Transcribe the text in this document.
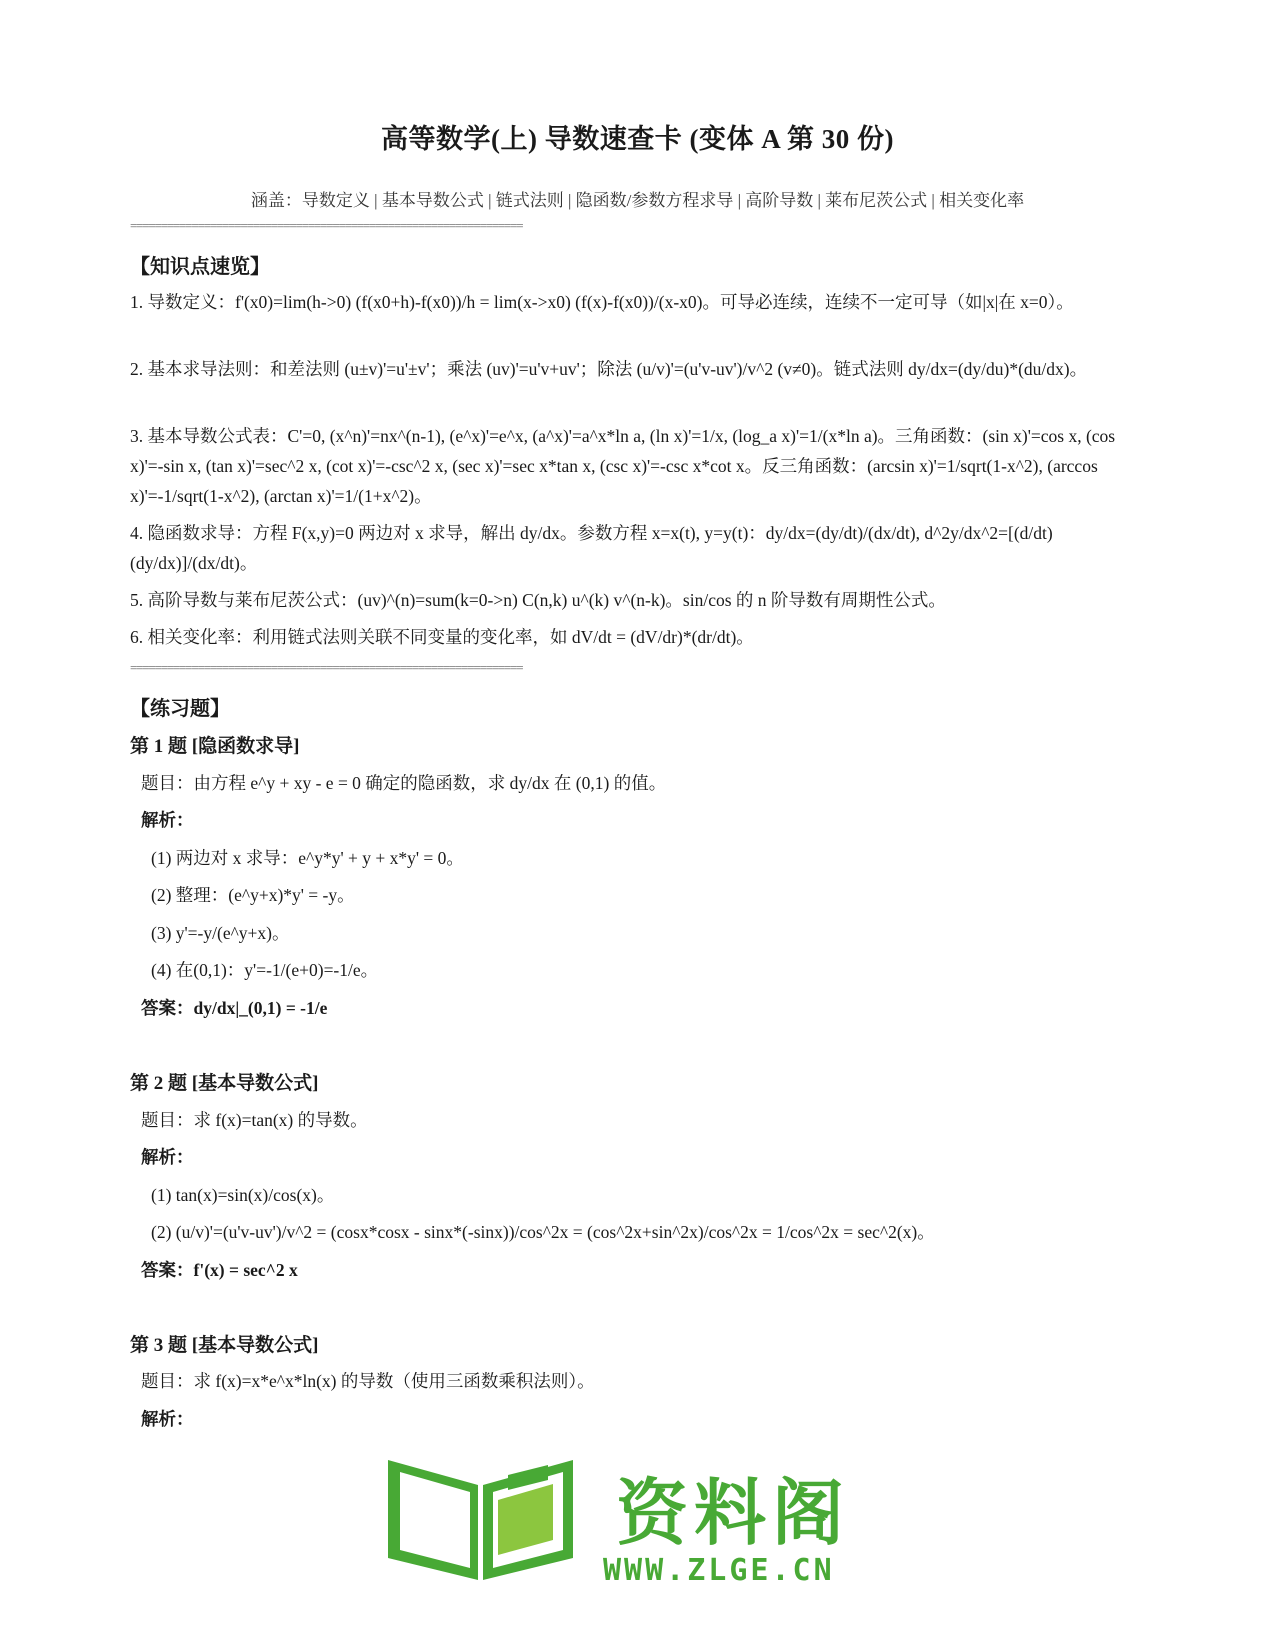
高等数学(上) 导数速查卡 (变体 A 第 30 份)
涵盖：导数定义 | 基本导数公式 | 链式法则 | 隐函数/参数方程求导 | 高阶导数 | 莱布尼茨公式 | 相关变化率
================================================================
【知识点速览】
1. 导数定义：f'(x0)=lim(h->0) (f(x0+h)-f(x0))/h = lim(x->x0) (f(x)-f(x0))/(x-x0)。可导必连续，连续不一定可导（如|x|在 x=0）。
2. 基本求导法则：和差法则 (u±v)'=u'±v'；乘法 (uv)'=u'v+uv'；除法 (u/v)'=(u'v-uv')/v^2 (v≠0)。链式法则 dy/dx=(dy/du)*(du/dx)。
3. 基本导数公式表：C'=0, (x^n)'=nx^(n-1), (e^x)'=e^x, (a^x)'=a^x*ln a, (ln x)'=1/x, (log_a x)'=1/(x*ln a)。三角函数：(sin x)'=cos x, (cos x)'=-sin x, (tan x)'=sec^2 x, (cot x)'=-csc^2 x, (sec x)'=sec x*tan x, (csc x)'=-csc x*cot x。反三角函数：(arcsin x)'=1/sqrt(1-x^2), (arccos x)'=-1/sqrt(1-x^2), (arctan x)'=1/(1+x^2)。
4. 隐函数求导：方程 F(x,y)=0 两边对 x 求导，解出 dy/dx。参数方程 x=x(t), y=y(t)：dy/dx=(dy/dt)/(dx/dt), d^2y/dx^2=[(d/dt)(dy/dx)]/(dx/dt)。
5. 高阶导数与莱布尼茨公式：(uv)^(n)=sum(k=0->n) C(n,k) u^(k) v^(n-k)。sin/cos 的 n 阶导数有周期性公式。
6. 相关变化率：利用链式法则关联不同变量的变化率，如 dV/dt = (dV/dr)*(dr/dt)。
================================================================
【练习题】
第 1 题 [隐函数求导]
题目：由方程 e^y + xy - e = 0 确定的隐函数，求 dy/dx 在 (0,1) 的值。
解析：
(1) 两边对 x 求导：e^y*y' + y + x*y' = 0。
(2) 整理：(e^y+x)*y' = -y。
(3) y'=-y/(e^y+x)。
(4) 在(0,1)：y'=-1/(e+0)=-1/e。
答案：dy/dx|_(0,1) = -1/e
第 2 题 [基本导数公式]
题目：求 f(x)=tan(x) 的导数。
解析：
(1) tan(x)=sin(x)/cos(x)。
(2) (u/v)'=(u'v-uv')/v^2 = (cosx*cosx - sinx*(-sinx))/cos^2x = (cos^2x+sin^2x)/cos^2x = 1/cos^2x = sec^2(x)。
答案：f'(x) = sec^2 x
第 3 题 [基本导数公式]
题目：求 f(x)=x*e^x*ln(x) 的导数（使用三函数乘积法则）。
解析：
资料阁
WWW.ZLGE.CN
